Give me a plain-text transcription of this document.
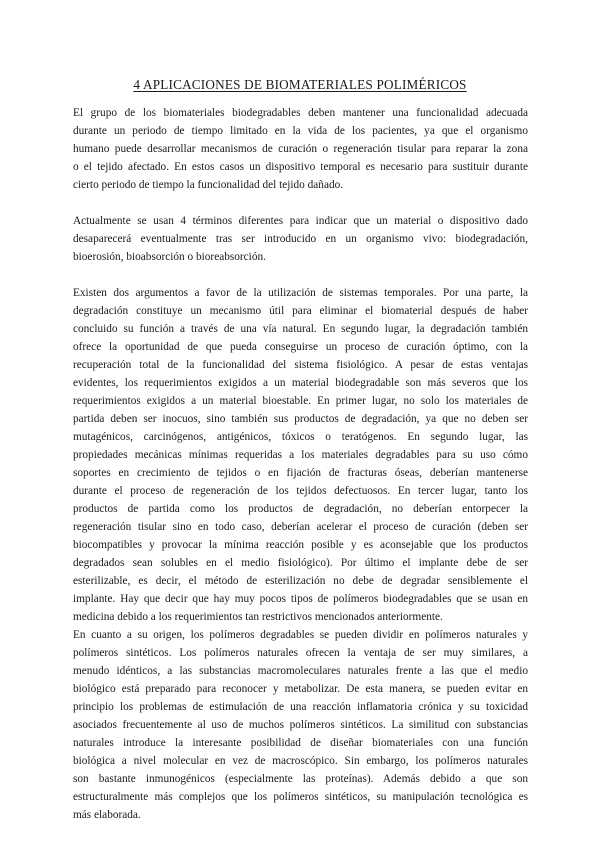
4 APLICACIONES DE BIOMATERIALES POLIMÉRICOS

El grupo de los biomateriales biodegradables deben mantener una funcionalidad adecuada
durante un periodo de tiempo limitado en la vida de los pacientes, ya que el organismo
humano puede desarrollar mecanismos de curación o regeneración tisular para reparar la zona
o el tejido afectado. En estos casos un dispositivo temporal es necesario para sustituir durante
cierto periodo de tiempo la funcionalidad del tejido dañado.

Actualmente se usan 4 términos diferentes para indicar que un material o dispositivo dado
desaparecerá eventualmente tras ser introducido en un organismo vivo: biodegradación,
bioerosión, bioabsorción o bioreabsorción.

Existen dos argumentos a favor de la utilización de sistemas temporales. Por una parte, la
degradación constituye un mecanismo útil para eliminar el biomaterial después de haber
concluido su función a través de una vía natural. En segundo lugar, la degradación también
ofrece la oportunidad de que pueda conseguirse un proceso de curación óptimo, con la
recuperación total de la funcionalidad del sistema fisiológico. A pesar de estas ventajas
evidentes, los requerimientos exigidos a un material biodegradable son más severos que los
requerimientos exigidos a un material bioestable. En primer lugar, no solo los materiales de
partida deben ser inocuos, sino también sus productos de degradación, ya que no deben ser
mutagénicos, carcinógenos, antigénicos, tóxicos o teratógenos. En segundo lugar, las
propiedades mecánicas mínimas requeridas a los materiales degradables para su uso cómo
soportes en crecimiento de tejidos o en fijación de fracturas óseas, deberían mantenerse
durante el proceso de regeneración de los tejidos defectuosos. En tercer lugar, tanto los
productos de partida como los productos de degradación, no deberían entorpecer la
regeneración tisular sino en todo caso, deberían acelerar el proceso de curación (deben ser
biocompatibles y provocar la mínima reacción posible y es aconsejable que los productos
degradados sean solubles en el medio fisiológico). Por último el implante debe de ser
esterilizable, es decir, el método de esterilización no debe de degradar sensiblemente el
implante. Hay que decir que hay muy pocos tipos de polímeros biodegradables que se usan en
medicina debido a los requerimientos tan restrictivos mencionados anteriormente.

En cuanto a su origen, los polímeros degradables se pueden dividir en polímeros naturales y
polímeros sintéticos. Los polímeros naturales ofrecen la ventaja de ser muy similares, a
menudo idénticos, a las substancias macromoleculares naturales frente a las que el medio
biológico está preparado para reconocer y metabolizar. De esta manera, se pueden evitar en
principio los problemas de estimulación de una reacción inflamatoria crónica y su toxicidad
asociados frecuentemente al uso de muchos polímeros sintéticos. La similitud con substancias
naturales introduce la interesante posibilidad de diseñar biomateriales con una función
biológica a nivel molecular en vez de macroscópico. Sin embargo, los polímeros naturales
son bastante inmunogénicos (especialmente las proteínas). Además debido a que son
estructuralmente más complejos que los polímeros sintéticos, su manipulación tecnológica es
más elaborada.
